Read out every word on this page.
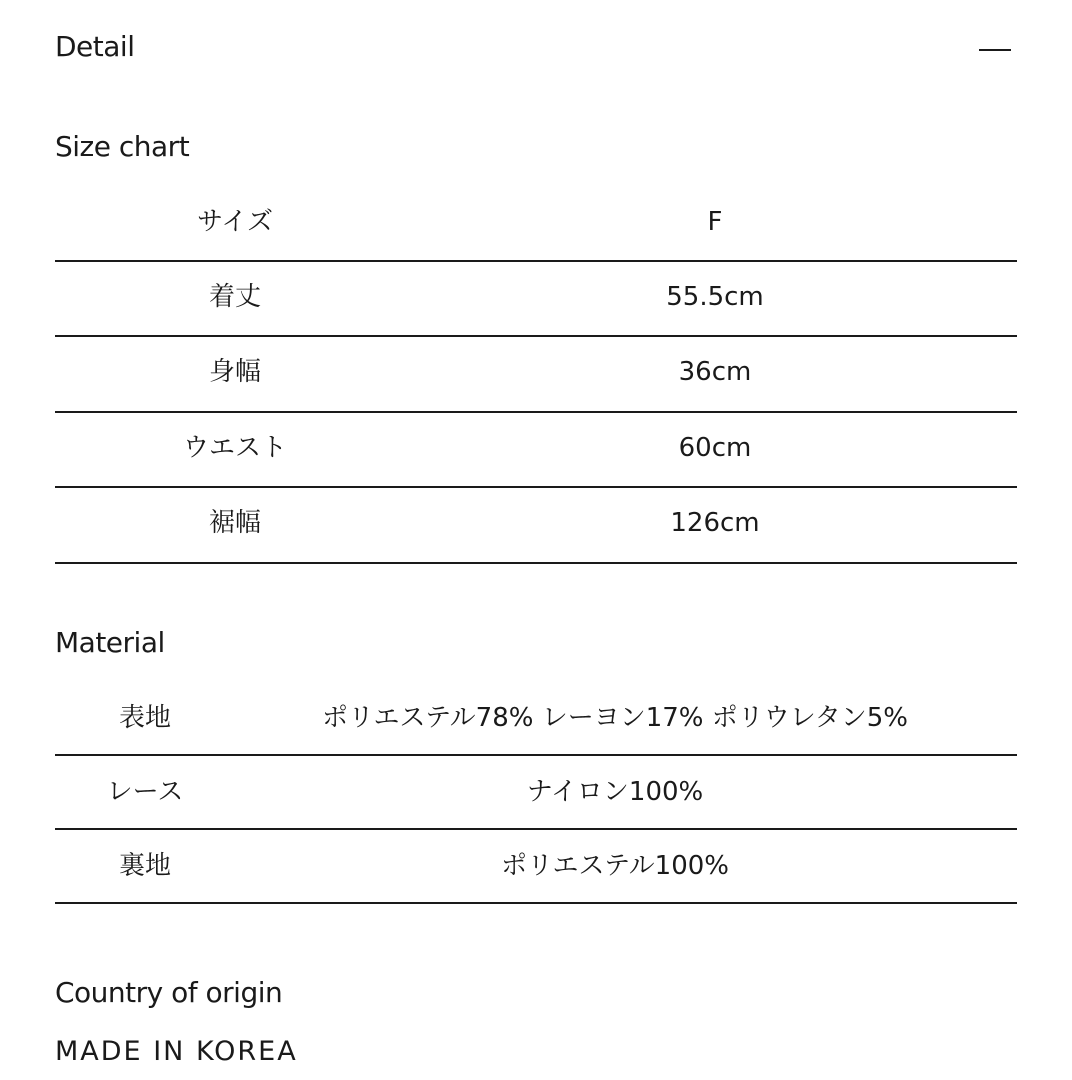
Detail
Size chart
サイズ	F
着丈	55.5cm
身幅	36cm
ウエスト	60cm
裾幅	126cm
Material
表地	ポリエステル78% レーヨン17% ポリウレタン5%
レース	ナイロン100%
裏地	ポリエステル100%
Country of origin
MADE IN KOREA
